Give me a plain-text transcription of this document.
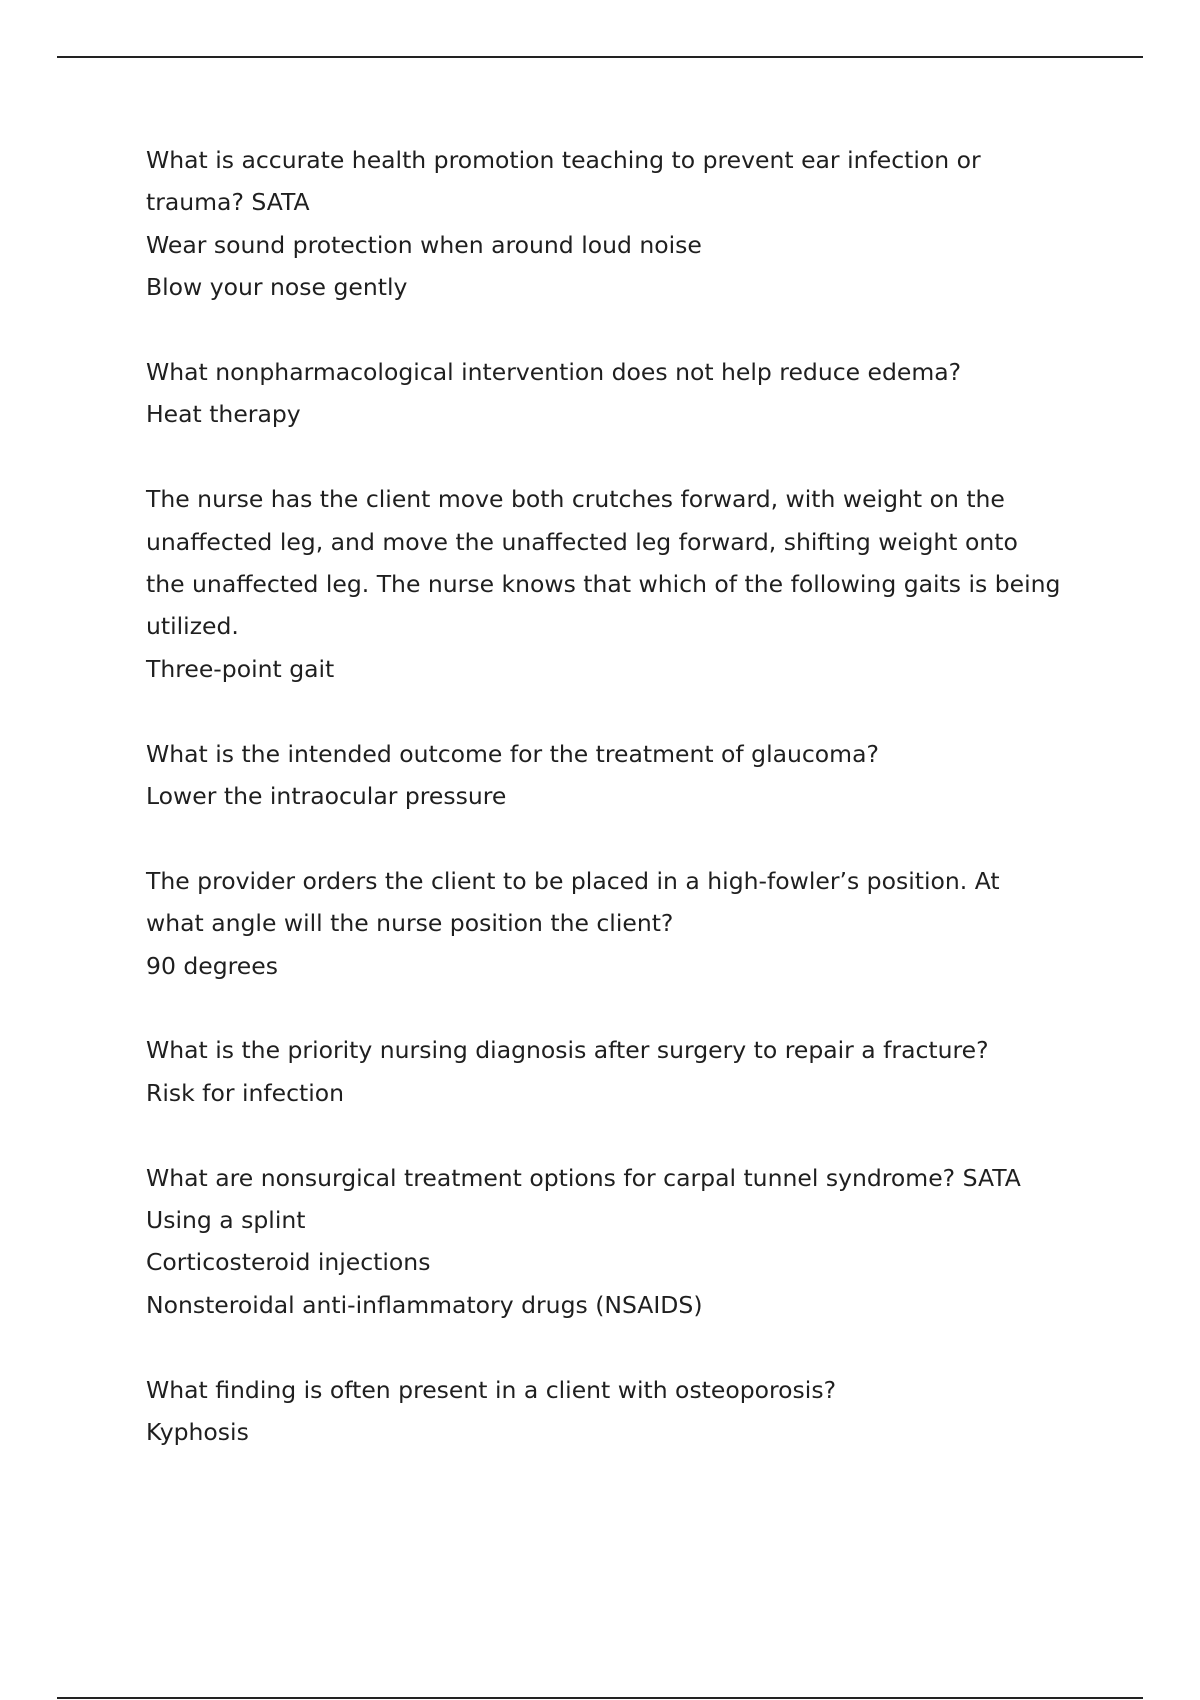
What is accurate health promotion teaching to prevent ear infection or

trauma? SATA

Wear sound protection when around loud noise

Blow your nose gently

What nonpharmacological intervention does not help reduce edema?

Heat therapy

The nurse has the client move both crutches forward, with weight on the

unaffected leg, and move the unaffected leg forward, shifting weight onto

the unaffected leg. The nurse knows that which of the following gaits is being

utilized.

Three-point gait

What is the intended outcome for the treatment of glaucoma?

Lower the intraocular pressure

The provider orders the client to be placed in a high-fowler’s position. At

what angle will the nurse position the client?

90 degrees

What is the priority nursing diagnosis after surgery to repair a fracture?

Risk for infection

What are nonsurgical treatment options for carpal tunnel syndrome? SATA

Using a splint

Corticosteroid injections

Nonsteroidal anti-inflammatory drugs (NSAIDS)

What finding is often present in a client with osteoporosis?

Kyphosis
